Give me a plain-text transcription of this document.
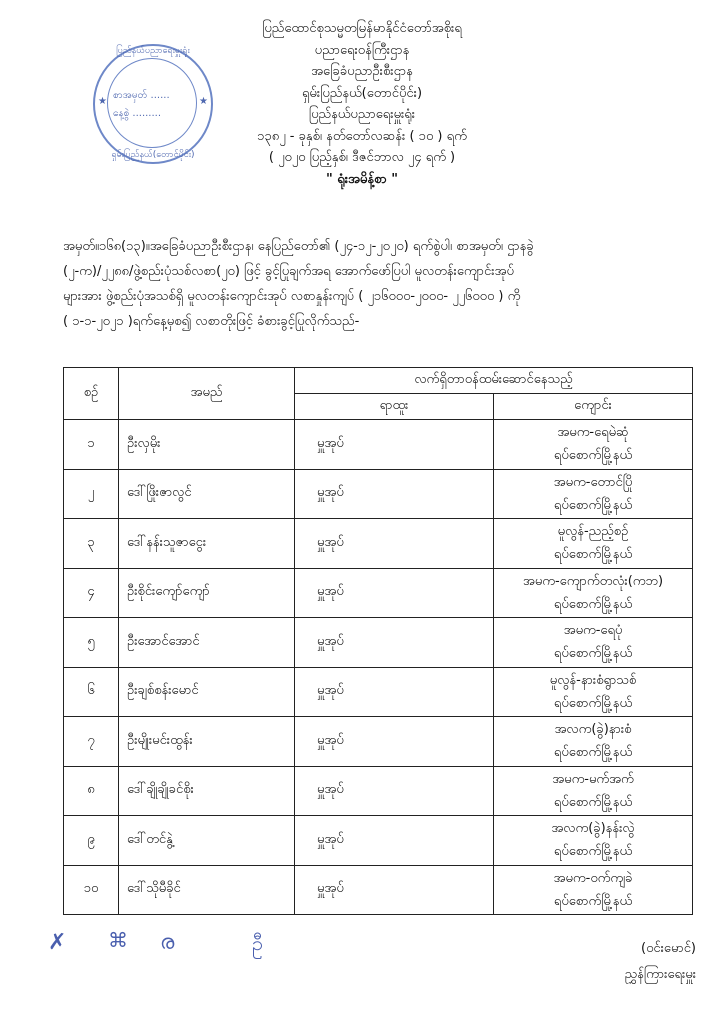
ပြည်ထောင်စုသမ္မတမြန်မာနိုင်ငံတော်အစိုးရ
ပညာရေးဝန်ကြီးဌာန
အခြေခံပညာဦးစီးဌာန
ရှမ်းပြည်နယ်(တောင်ပိုင်း)
ပြည်နယ်ပညာရေးမှူးရုံး
၁၃၈၂ - ခုနှစ်၊ နတ်တော်လဆန်း ( ၁၀ ) ရက်
( ၂၀၂၀ ပြည့်နှစ်၊ ဒီဇင်ဘာလ ၂၄ ရက် )
" ရုံးအမိန့်စာ "
ပြည်နယ်ပညာရေးမှူးရုံး
ရှမ်းပြည်နယ်(တောင်ပိုင်း)
စာအမှတ် ......
နေ့စွဲ .........
★	★
အမှတ်။၁၆၈(၁၃)။အခြေခံပညာဦးစီးဌာန၊ နေပြည်တော်၏ (၂၄-၁၂-၂၀၂၀) ရက်စွဲပါ၊ စာအမှတ်၊ ဌာနခွဲ
(၂-က)/၂၂၈၈/ဖွဲ့စည်းပုံသစ်လစာ(၂၀) ဖြင့် ခွင့်ပြုချက်အရ အောက်ဖော်ပြပါ မူလတန်းကျောင်းအုပ်
များအား ဖွဲ့စည်းပုံအသစ်ရှိ မူလတန်းကျောင်းအုပ် လစာနှုန်းကျပ် ( ၂၁၆၀၀၀-၂၀၀၀- ၂၂၆၀၀၀ ) ကို
( ၁-၁-၂၀၂၁ )ရက်နေ့မှစ၍ လစာတိုးဖြင့် ခံစားခွင့်ပြုလိုက်သည်-
စဉ်	အမည်	လက်ရှိတာဝန်ထမ်းဆောင်နေသည့်	
		ရာထူး	ကျောင်း
၁	ဦးလှမိုး	မှူအုပ်	အမက-ရေမဲဆုံ
ရပ်စောက်မြို့နယ်

၂	ဒေါ်ဖြိုးဇာလွင်	မှူအုပ်	အမက-တောင်ပြို
ရပ်စောက်မြို့နယ်

၃	ဒေါ်နန်းသူဇာငွေး	မှူအုပ်	မူလွန်-ညည့်စဉ်
ရပ်စောက်မြို့နယ်

၄	ဦးစိုင်းကျော်ကျော်	မှူအုပ်	အမက-ကျောက်တလုံး(ကဘ)
ရပ်စောက်မြို့နယ်

၅	ဦးအောင်အောင်	မှူအုပ်	အမက-ရေပုံ
ရပ်စောက်မြို့နယ်

၆	ဦးချစ်စန်းမောင်	မှူအုပ်	မူလွန်-နားစံရွာသစ်
ရပ်စောက်မြို့နယ်

၇	ဦးမျိုးမင်းထွန်း	မှူအုပ်	အလက(ခွဲ)နားစံ
ရပ်စောက်မြို့နယ်

၈	ဒေါ်ချိုချိုခင်စိုး	မှူအုပ်	အမက-မက်အက်
ရပ်စောက်မြို့နယ်

၉	ဒေါ်တင်နွဲ့	မှူအုပ်	အလက(ခွဲ)နန်းလွဲ
ရပ်စောက်မြို့နယ်

၁၀	ဒေါ်သိုမီခိုင်	မှူအုပ်	အမက-ဝက်ကျခဲ
ရပ်စောက်မြို့နယ်
✗ ⌘ ര	ဦ	(ဝင်းမောင်)
ညွှန်ကြားရေးမှူး
